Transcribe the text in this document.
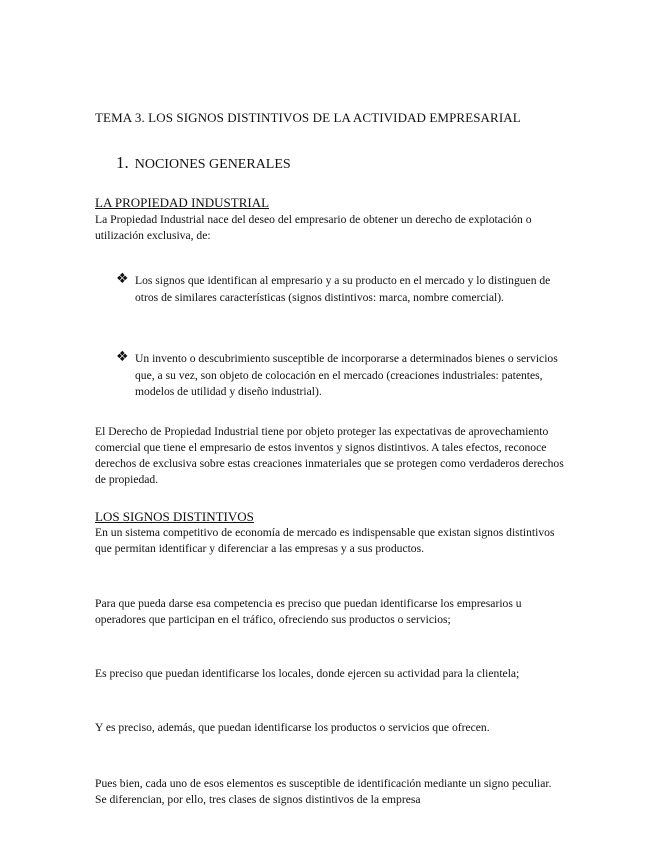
TEMA 3. LOS SIGNOS DISTINTIVOS DE LA ACTIVIDAD EMPRESARIAL
1. NOCIONES GENERALES
LA PROPIEDAD INDUSTRIAL

La Propiedad Industrial nace del deseo del empresario de obtener un derecho de explotación o utilización exclusiva, de:

❖ Los signos que identifican al empresario y a su producto en el mercado y lo distinguen de otros de similares características (signos distintivos: marca, nombre comercial).
❖ Un invento o descubrimiento susceptible de incorporarse a determinados bienes o servicios que, a su vez, son objeto de colocación en el mercado (creaciones industriales: patentes, modelos de utilidad y diseño industrial).

El Derecho de Propiedad Industrial tiene por objeto proteger las expectativas de aprovechamiento comercial que tiene el empresario de estos inventos y signos distintivos. A tales efectos, reconoce derechos de exclusiva sobre estas creaciones inmateriales que se protegen como verdaderos derechos de propiedad.

LOS SIGNOS DISTINTIVOS

En un sistema competitivo de economía de mercado es indispensable que existan signos distintivos que permitan identificar y diferenciar a las empresas y a sus productos.

Para que pueda darse esa competencia es preciso que puedan identificarse los empresarios u operadores que participan en el tráfico, ofreciendo sus productos o servicios;

Es preciso que puedan identificarse los locales, donde ejercen su actividad para la clientela;

Y es preciso, además, que puedan identificarse los productos o servicios que ofrecen.

Pues bien, cada uno de esos elementos es susceptible de identificación mediante un signo peculiar. Se diferencian, por ello, tres clases de signos distintivos de la empresa
